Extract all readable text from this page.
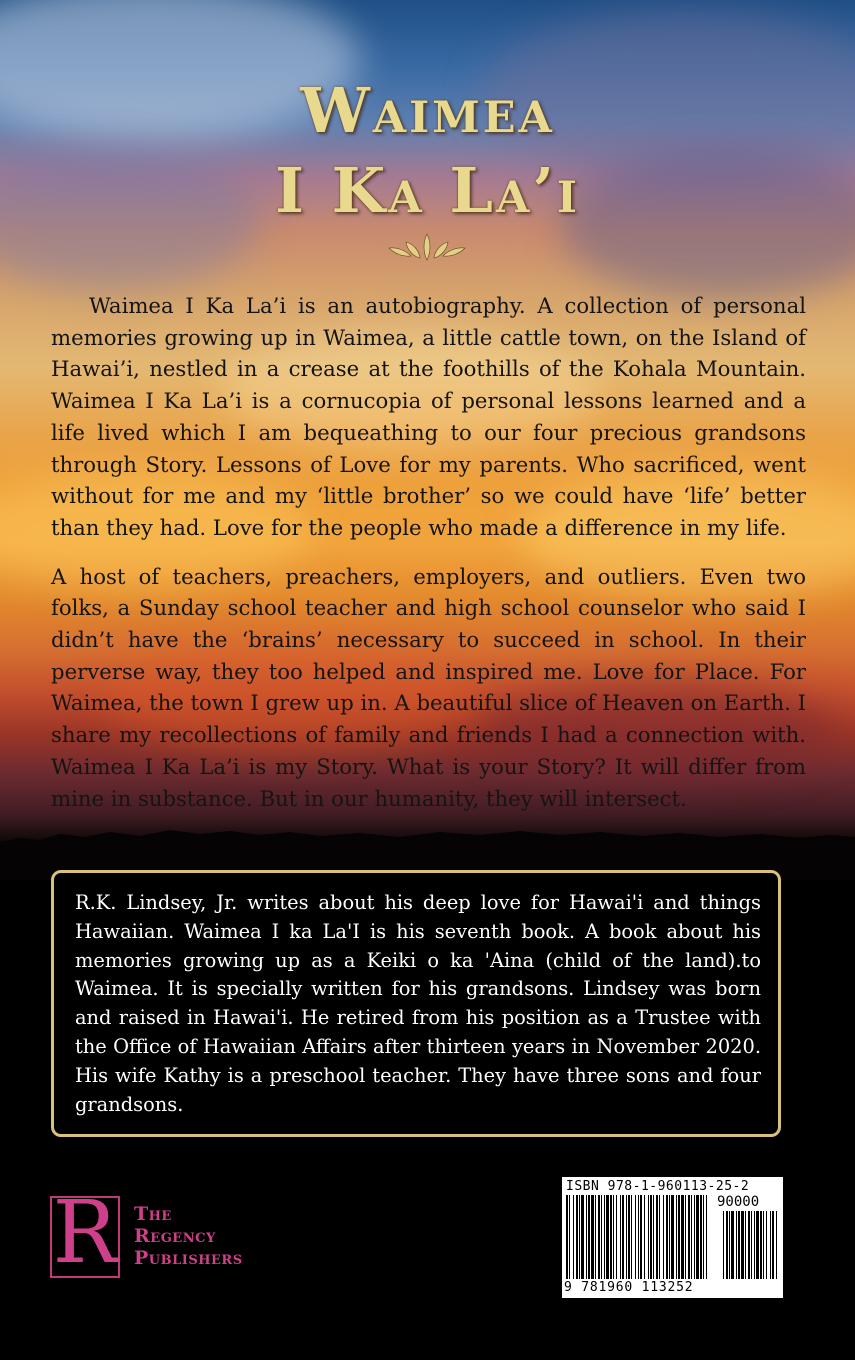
Waimea
I Ka La’i

Waimea I Ka La’i is an autobiography. A collection of personal memories growing up in Waimea, a little cattle town, on the Island of Hawai’i, nestled in a crease at the foothills of the Kohala Mountain. Waimea I Ka La’i is a cornucopia of personal lessons learned and a life lived which I am bequeathing to our four precious grandsons through Story. Lessons of Love for my parents. Who sacrificed, went without for me and my ‘little brother’ so we could have ‘life’ better than they had. Love for the people who made a difference in my life.

A host of teachers, preachers, employers, and outliers. Even two folks, a Sunday school teacher and high school counselor who said I didn’t have the ‘brains’ necessary to succeed in school. In their perverse way, they too helped and inspired me. Love for Place. For Waimea, the town I grew up in. A beautiful slice of Heaven on Earth. I share my recollections of family and friends I had a connection with. Waimea I Ka La’i is my Story. What is your Story? It will differ from mine in substance. But in our humanity, they will intersect.

R.K. Lindsey, Jr. writes about his deep love for Hawai'i and things Hawaiian. Waimea I ka La'I is his seventh book. A book about his memories growing up as a Keiki o ka 'Aina (child of the land).to Waimea. It is specially written for his grandsons. Lindsey was born and raised in Hawai'i. He retired from his position as a Trustee with the Office of Hawaiian Affairs after thirteen years in November 2020. His wife Kathy is a preschool teacher. They have three sons and four grandsons.

R The
Regency
Publishers
ISBN 978-1-960113-25-2
90000
9 781960 113252
